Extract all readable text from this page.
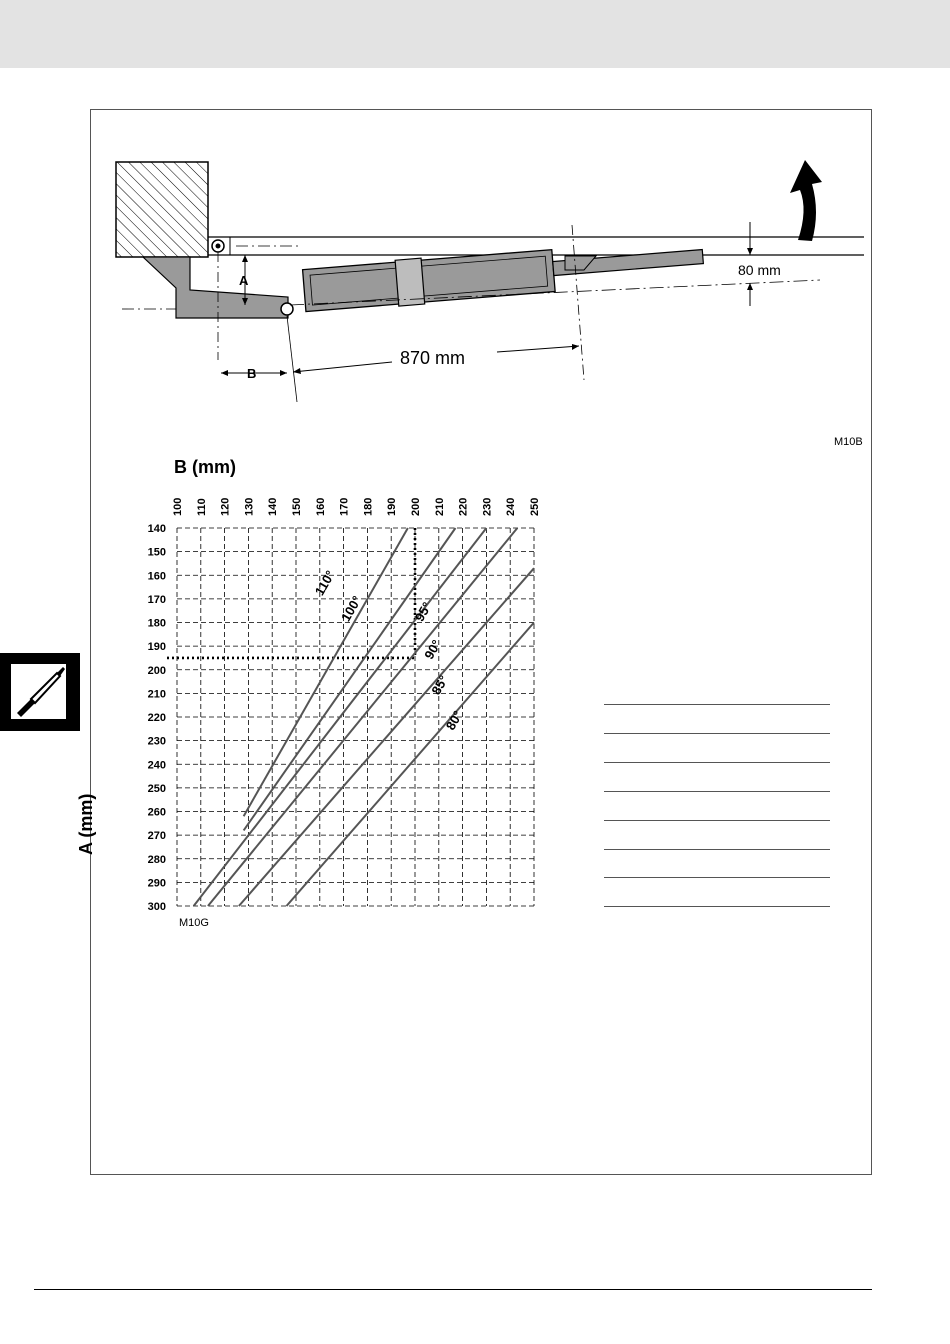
A
B
870 mm
80 mm
M10B
100 110 120 130 140 150 160 170 180 190 200 210 220 230 240 250
140
150
160
170
180
190
200
210
220
230
240
250
260
270
280
290
300
110°
100°	95°
90°
85°
80°
B (mm)
A (mm)
M10G
